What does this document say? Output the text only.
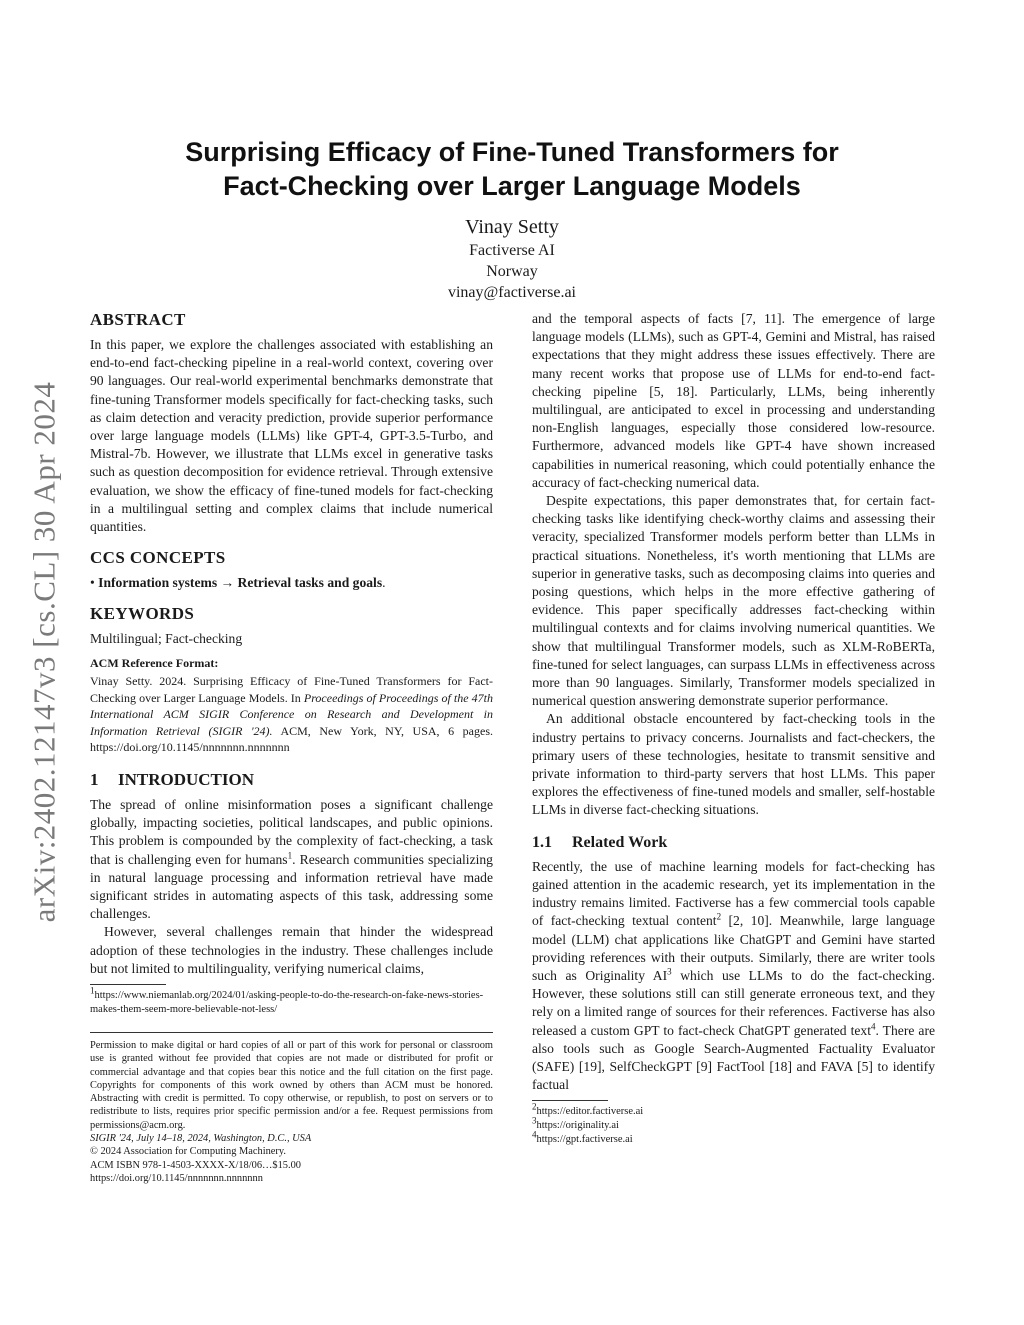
arXiv:2402.12147v3 [cs.CL] 30 Apr 2024
Surprising Efficacy of Fine-Tuned Transformers for
Fact-Checking over Larger Language Models
Vinay Setty
Factiverse AI
Norway
vinay@factiverse.ai
ABSTRACT

In this paper, we explore the challenges associated with establishing an end-to-end fact-checking pipeline in a real-world context, covering over 90 languages. Our real-world experimental benchmarks demonstrate that fine-tuning Transformer models specifically for fact-checking tasks, such as claim detection and veracity prediction, provide superior performance over large language models (LLMs) like GPT-4, GPT-3.5-Turbo, and Mistral-7b. However, we illustrate that LLMs excel in generative tasks such as question decomposition for evidence retrieval. Through extensive evaluation, we show the efficacy of fine-tuned models for fact-checking in a multilingual setting and complex claims that include numerical quantities.

CCS CONCEPTS

• Information systems → Retrieval tasks and goals.

KEYWORDS

Multilingual; Fact-checking

ACM Reference Format:

Vinay Setty. 2024. Surprising Efficacy of Fine-Tuned Transformers for Fact-Checking over Larger Language Models. In Proceedings of Proceedings of the 47th International ACM SIGIR Conference on Research and Development in Information Retrieval (SIGIR '24). ACM, New York, NY, USA, 6 pages. https://doi.org/10.1145/nnnnnnn.nnnnnnn

1 INTRODUCTION

The spread of online misinformation poses a significant challenge globally, impacting societies, political landscapes, and public opinions. This problem is compounded by the complexity of fact-checking, a task that is challenging even for humans$^1$. Research communities specializing in natural language processing and information retrieval have made significant strides in automating aspects of this task, addressing some challenges.

However, several challenges remain that hinder the widespread adoption of these technologies in the industry. These challenges include but not limited to multilinguality, verifying numerical claims,

$^1$https://www.niemanlab.org/2024/01/asking-people-to-do-the-research-on-fake-news-stories-makes-them-seem-more-believable-not-less/

Permission to make digital or hard copies of all or part of this work for personal or classroom use is granted without fee provided that copies are not made or distributed for profit or commercial advantage and that copies bear this notice and the full citation on the first page. Copyrights for components of this work owned by others than ACM must be honored. Abstracting with credit is permitted. To copy otherwise, or republish, to post on servers or to redistribute to lists, requires prior specific permission and/or a fee. Request permissions from permissions@acm.org.

SIGIR '24, July 14–18, 2024, Washington, D.C., USA

© 2024 Association for Computing Machinery.

ACM ISBN 978-1-4503-XXXX-X/18/06…$15.00

https://doi.org/10.1145/nnnnnnn.nnnnnnn

and the temporal aspects of facts [7, 11]. The emergence of large language models (LLMs), such as GPT-4, Gemini and Mistral, has raised expectations that they might address these issues effectively. There are many recent works that propose use of LLMs for end-to-end fact-checking pipeline [5, 18]. Particularly, LLMs, being inherently multilingual, are anticipated to excel in processing and understanding non-English languages, especially those considered low-resource. Furthermore, advanced models like GPT-4 have shown increased capabilities in numerical reasoning, which could potentially enhance the accuracy of fact-checking numerical data.

Despite expectations, this paper demonstrates that, for certain fact-checking tasks like identifying check-worthy claims and assessing their veracity, specialized Transformer models perform better than LLMs in practical situations. Nonetheless, it's worth mentioning that LLMs are superior in generative tasks, such as decomposing claims into queries and posing questions, which helps in the more effective gathering of evidence. This paper specifically addresses fact-checking within multilingual contexts and for claims involving numerical quantities. We show that multilingual Transformer models, such as XLM-RoBERTa, fine-tuned for select languages, can surpass LLMs in effectiveness across more than 90 languages. Similarly, Transformer models specialized in numerical question answering demonstrate superior performance.

An additional obstacle encountered by fact-checking tools in the industry pertains to privacy concerns. Journalists and fact-checkers, the primary users of these technologies, hesitate to transmit sensitive and private information to third-party servers that host LLMs. This paper explores the effectiveness of fine-tuned models and smaller, self-hostable LLMs in diverse fact-checking situations.

1.1 Related Work

Recently, the use of machine learning models for fact-checking has gained attention in the academic research, yet its implementation in the industry remains limited. Factiverse has a few commercial tools capable of fact-checking textual content$^2$ [2, 10]. Meanwhile, large language model (LLM) chat applications like ChatGPT and Gemini have started providing references with their outputs. Similarly, there are writer tools such as Originality $AI^3$ which use LLMs to do the fact-checking. However, these solutions still can still generate erroneous text, and they rely on a limited range of sources for their references. Factiverse has also released a custom GPT to fact-check ChatGPT generated text$^4$. There are also tools such as Google Search-Augmented Factuality Evaluator (SAFE) [19], SelfCheckGPT [9] FactTool [18] and FAVA [5] to identify factual

$^2$https://editor.factiverse.ai

$^3$https://originality.ai

$^4$https://gpt.factiverse.ai
